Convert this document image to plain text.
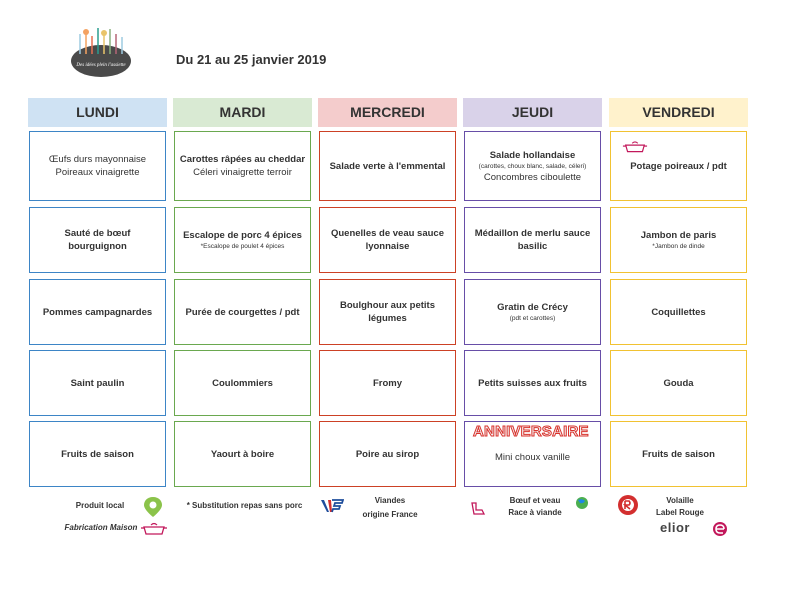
Des idées plein l'assiette	Du 21 au 25 janvier 2019
LUNDI
Œufs durs mayonnaise
Poireaux vinaigrette
Sauté de bœuf bourguignon
Pommes campagnardes
Saint paulin
Fruits de saison
MARDI
Carottes râpées au cheddar
Céleri vinaigrette terroir
Escalope de porc 4 épices
*Escalope de poulet 4 épices
Purée de courgettes / pdt
Coulommiers
Yaourt à boire
MERCREDI
Salade verte à l'emmental
Quenelles de veau sauce lyonnaise
Boulghour aux petits légumes
Fromy
Poire au sirop
JEUDI
Salade hollandaise
(carottes, choux blanc, salade, céleri)
Concombres ciboulette
Médaillon de merlu sauce basilic
Gratin de Crécy
(pdt et carottes)
Petits suisses aux fruits
ANNIVERSAIRE
Mini choux vanille
VENDREDI
Potage poireaux / pdt
Jambon de paris
*Jambon de dinde
Coquillettes
Gouda
Fruits de saison
Produit local
Fabrication Maison
* Substitution repas sans porc
Viandes
origine France
Bœuf et veau
Race à viande
Volaille
Label Rouge
elior
